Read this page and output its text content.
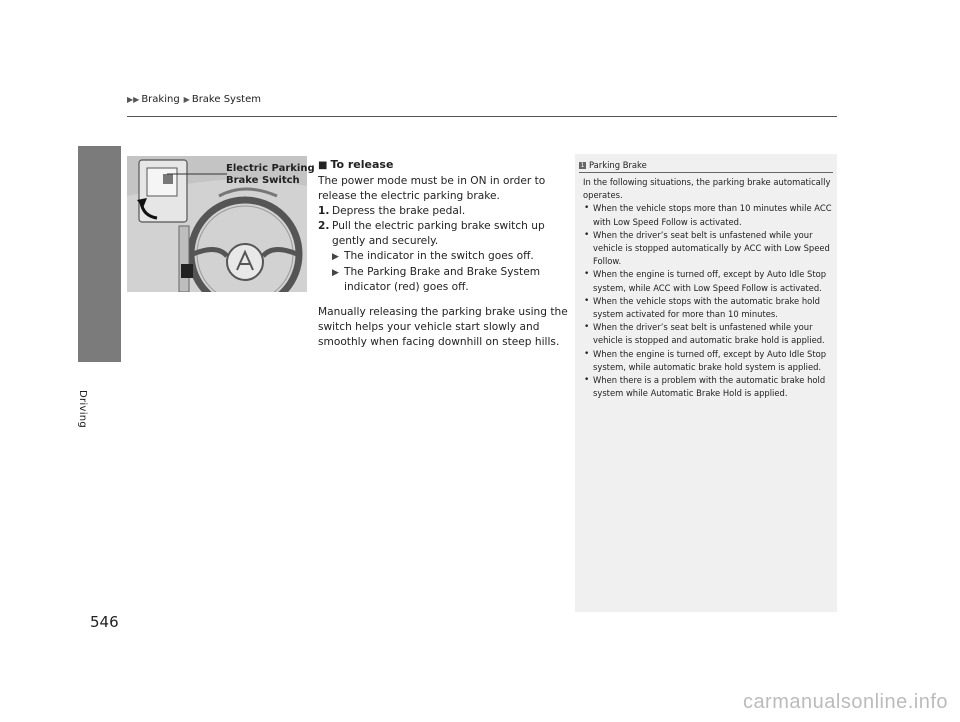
▶▶ Braking ▶ Brake System
Driving
546
Electric Parking
Brake Switch
■ To release
The power mode must be in ON in order to release the electric parking brake.
1. Depress the brake pedal.
2. Pull the electric parking brake switch up gently and securely.
▶ The indicator in the switch goes off.
▶ The Parking Brake and Brake System indicator (red) goes off.
Manually releasing the parking brake using the switch helps your vehicle start slowly and smoothly when facing downhill on steep hills.
1 Parking Brake
In the following situations, the parking brake automatically operates.
• When the vehicle stops more than 10 minutes while ACC with Low Speed Follow is activated.
• When the driver’s seat belt is unfastened while your vehicle is stopped automatically by ACC with Low Speed Follow.
• When the engine is turned off, except by Auto Idle Stop system, while ACC with Low Speed Follow is activated.
• When the vehicle stops with the automatic brake hold system activated for more than 10 minutes.
• When the driver’s seat belt is unfastened while your vehicle is stopped and automatic brake hold is applied.
• When the engine is turned off, except by Auto Idle Stop system, while automatic brake hold system is applied.
• When there is a problem with the automatic brake hold system while Automatic Brake Hold is applied.
carmanualsonline.info
